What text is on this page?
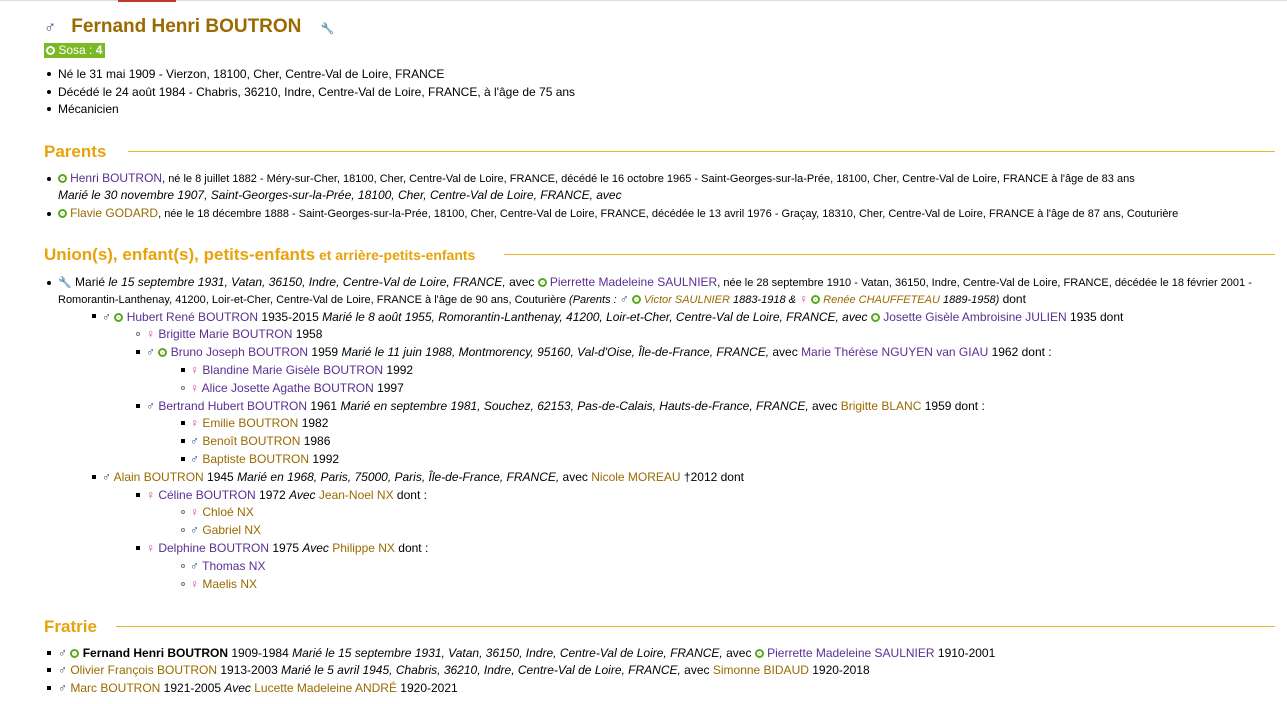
♂ Fernand Henri BOUTRON 🔧
Sosa : 4
Né le 31 mai 1909 - Vierzon, 18100, Cher, Centre-Val de Loire, FRANCE
Décédé le 24 août 1984 - Chabris, 36210, Indre, Centre-Val de Loire, FRANCE, à l'âge de 75 ans
Mécanicien
Parents
Henri BOUTRON, né le 8 juillet 1882 - Méry-sur-Cher, 18100, Cher, Centre-Val de Loire, FRANCE, décédé le 16 octobre 1965 - Saint-Georges-sur-la-Prée, 18100, Cher, Centre-Val de Loire, FRANCE à l'âge de 83 ans
Marié le 30 novembre 1907, Saint-Georges-sur-la-Prée, 18100, Cher, Centre-Val de Loire, FRANCE, avec
Flavie GODARD, née le 18 décembre 1888 - Saint-Georges-sur-la-Prée, 18100, Cher, Centre-Val de Loire, FRANCE, décédée le 13 avril 1976 - Graçay, 18310, Cher, Centre-Val de Loire, FRANCE à l'âge de 87 ans, Couturière
Union(s), enfant(s), petits-enfants et arrière-petits-enfants
🔧 Marié le 15 septembre 1931, Vatan, 36150, Indre, Centre-Val de Loire, FRANCE, avec  Pierrette Madeleine SAULNIER, née le 28 septembre 1910 - Vatan, 36150, Indre, Centre-Val de Loire, FRANCE, décédée le 18 février 2001 -
Romorantin-Lanthenay, 41200, Loir-et-Cher, Centre-Val de Loire, FRANCE à l'âge de 90 ans, Couturière (Parents : ♂ Victor SAULNIER 1883-1918 & ♀ Renée CHAUFFETEAU 1889-1958) dont
♂ Hubert René BOUTRON 1935-2015 Marié le 8 août 1955, Romorantin-Lanthenay, 41200, Loir-et-Cher, Centre-Val de Loire, FRANCE, avec  Josette Gisèle Ambroisine JULIEN 1935 dont
♀ Brigitte Marie BOUTRON 1958
♂ Bruno Joseph BOUTRON 1959 Marié le 11 juin 1988, Montmorency, 95160, Val-d'Oise, Île-de-France, FRANCE, avec Marie Thérèse NGUYEN van GIAU 1962 dont :
♀ Blandine Marie Gisèle BOUTRON 1992
♀ Alice Josette Agathe BOUTRON 1997
♂ Bertrand Hubert BOUTRON 1961 Marié en septembre 1981, Souchez, 62153, Pas-de-Calais, Hauts-de-France, FRANCE, avec Brigitte BLANC 1959 dont :
♀ Emilie BOUTRON 1982
♂ Benoît BOUTRON 1986
♂ Baptiste BOUTRON 1992
♂ Alain BOUTRON 1945 Marié en 1968, Paris, 75000, Paris, Île-de-France, FRANCE, avec Nicole MOREAU †2012 dont
♀ Céline BOUTRON 1972 Avec Jean-Noel NX dont :
♀ Chloé NX
♂ Gabriel NX
♀ Delphine BOUTRON 1975 Avec Philippe NX dont :
♂ Thomas NX
♀ Maelis NX
Fratrie
♂ Fernand Henri BOUTRON 1909-1984 Marié le 15 septembre 1931, Vatan, 36150, Indre, Centre-Val de Loire, FRANCE, avec  Pierrette Madeleine SAULNIER 1910-2001
♂ Olivier François BOUTRON 1913-2003 Marié le 5 avril 1945, Chabris, 36210, Indre, Centre-Val de Loire, FRANCE, avec Simonne BIDAUD 1920-2018
♂ Marc BOUTRON 1921-2005 Avec Lucette Madeleine ANDRÉ 1920-2021
